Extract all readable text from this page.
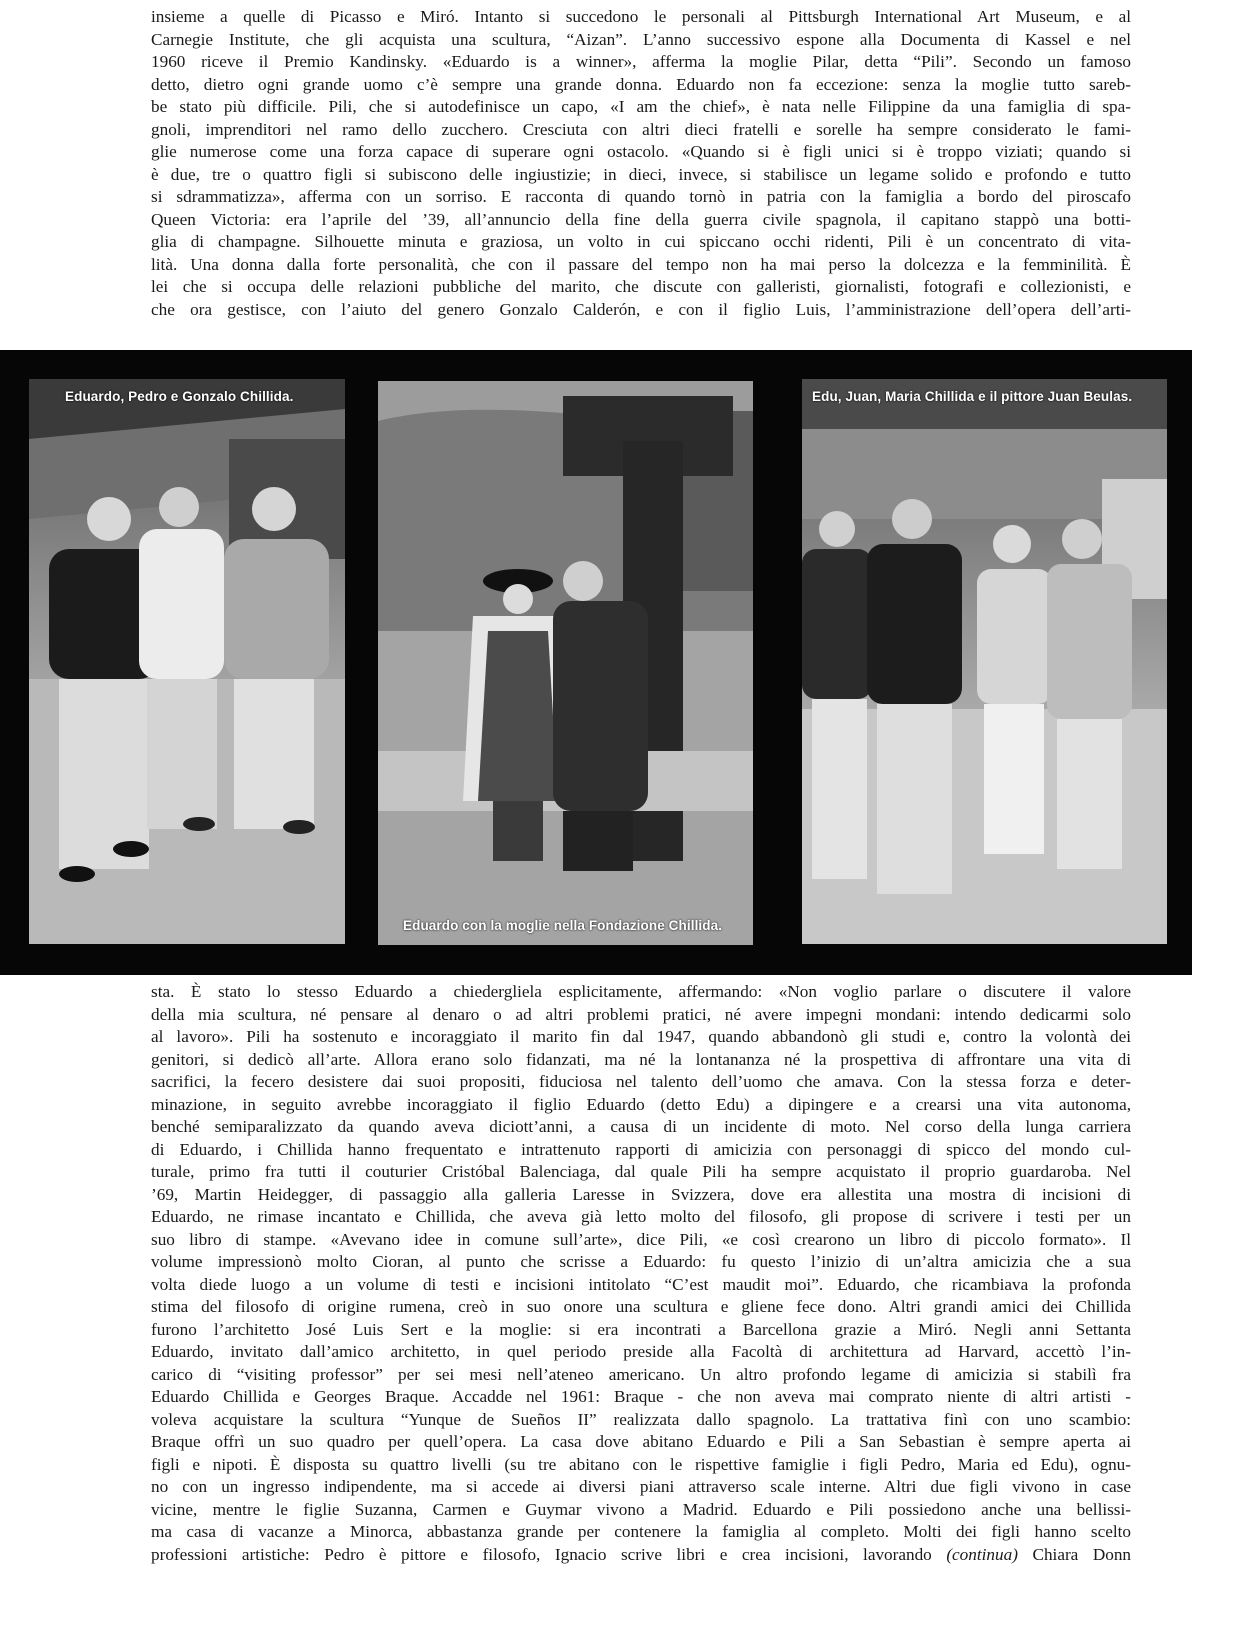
insieme a quelle di Picasso e Miró. Intanto si succedono le personali al Pittsburgh International Art Museum, e al

Carnegie Institute, che gli acquista una scultura, “Aizan”. L’anno successivo espone alla Documenta di Kassel e nel

1960 riceve il Premio Kandinsky. «Eduardo is a winner», afferma la moglie Pilar, detta “Pili”. Secondo un famoso

detto, dietro ogni grande uomo c’è sempre una grande donna. Eduardo non fa eccezione: senza la moglie tutto sareb-

be stato più difficile. Pili, che si autodefinisce un capo, «I am the chief», è nata nelle Filippine da una famiglia di spa-

gnoli, imprenditori nel ramo dello zucchero. Cresciuta con altri dieci fratelli e sorelle ha sempre considerato le fami-

glie numerose come una forza capace di superare ogni ostacolo. «Quando si è figli unici si è troppo viziati; quando si

è due, tre o quattro figli si subiscono delle ingiustizie; in dieci, invece, si stabilisce un legame solido e profondo e tutto

si sdrammatizza», afferma con un sorriso. E racconta di quando tornò in patria con la famiglia a bordo del piroscafo

Queen Victoria: era l’aprile del ’39, all’annuncio della fine della guerra civile spagnola, il capitano stappò una botti-

glia di champagne. Silhouette minuta e graziosa, un volto in cui spiccano occhi ridenti, Pili è un concentrato di vita-

lità. Una donna dalla forte personalità, che con il passare del tempo non ha mai perso la dolcezza e la femminilità. È

lei che si occupa delle relazioni pubbliche del marito, che discute con galleristi, giornalisti, fotografi e collezionisti, e

che ora gestisce, con l’aiuto del genero Gonzalo Calderón, e con il figlio Luis, l’amministrazione dell’opera dell’arti-

Eduardo, Pedro e Gonzalo Chillida.
Eduardo con la moglie nella Fondazione Chillida.
Edu, Juan, Maria Chillida e il pittore Juan Beulas.

sta. È stato lo stesso Eduardo a chiedergliela esplicitamente, affermando: «Non voglio parlare o discutere il valore

della mia scultura, né pensare al denaro o ad altri problemi pratici, né avere impegni mondani: intendo dedicarmi solo

al lavoro». Pili ha sostenuto e incoraggiato il marito fin dal 1947, quando abbandonò gli studi e, contro la volontà dei

genitori, si dedicò all’arte. Allora erano solo fidanzati, ma né la lontananza né la prospettiva di affrontare una vita di

sacrifici, la fecero desistere dai suoi propositi, fiduciosa nel talento dell’uomo che amava. Con la stessa forza e deter-

minazione, in seguito avrebbe incoraggiato il figlio Eduardo (detto Edu) a dipingere e a crearsi una vita autonoma,

benché semiparalizzato da quando aveva diciott’anni, a causa di un incidente di moto. Nel corso della lunga carriera

di Eduardo, i Chillida hanno frequentato e intrattenuto rapporti di amicizia con personaggi di spicco del mondo cul-

turale, primo fra tutti il couturier Cristóbal Balenciaga, dal quale Pili ha sempre acquistato il proprio guardaroba. Nel

’69, Martin Heidegger, di passaggio alla galleria Laresse in Svizzera, dove era allestita una mostra di incisioni di

Eduardo, ne rimase incantato e Chillida, che aveva già letto molto del filosofo, gli propose di scrivere i testi per un

suo libro di stampe. «Avevano idee in comune sull’arte», dice Pili, «e così crearono un libro di piccolo formato». Il

volume impressionò molto Cioran, al punto che scrisse a Eduardo: fu questo l’inizio di un’altra amicizia che a sua

volta diede luogo a un volume di testi e incisioni intitolato “C’est maudit moi”. Eduardo, che ricambiava la profonda

stima del filosofo di origine rumena, creò in suo onore una scultura e gliene fece dono. Altri grandi amici dei Chillida

furono l’architetto José Luis Sert e la moglie: si era incontrati a Barcellona grazie a Miró. Negli anni Settanta

Eduardo, invitato dall’amico architetto, in quel periodo preside alla Facoltà di architettura ad Harvard, accettò l’in-

carico di “visiting professor” per sei mesi nell’ateneo americano. Un altro profondo legame di amicizia si stabilì fra

Eduardo Chillida e Georges Braque. Accadde nel 1961: Braque - che non aveva mai comprato niente di altri artisti -

voleva acquistare la scultura “Yunque de Sueños II” realizzata dallo spagnolo. La trattativa finì con uno scambio:

Braque offrì un suo quadro per quell’opera. La casa dove abitano Eduardo e Pili a San Sebastian è sempre aperta ai

figli e nipoti. È disposta su quattro livelli (su tre abitano con le rispettive famiglie i figli Pedro, Maria ed Edu), ognu-

no con un ingresso indipendente, ma si accede ai diversi piani attraverso scale interne. Altri due figli vivono in case

vicine, mentre le figlie Suzanna, Carmen e Guymar vivono a Madrid. Eduardo e Pili possiedono anche una bellissi-

ma casa di vacanze a Minorca, abbastanza grande per contenere la famiglia al completo. Molti dei figli hanno scelto

professioni artistiche: Pedro è pittore e filosofo, Ignacio scrive libri e crea incisioni, lavorando (continua) Chiara Donn
